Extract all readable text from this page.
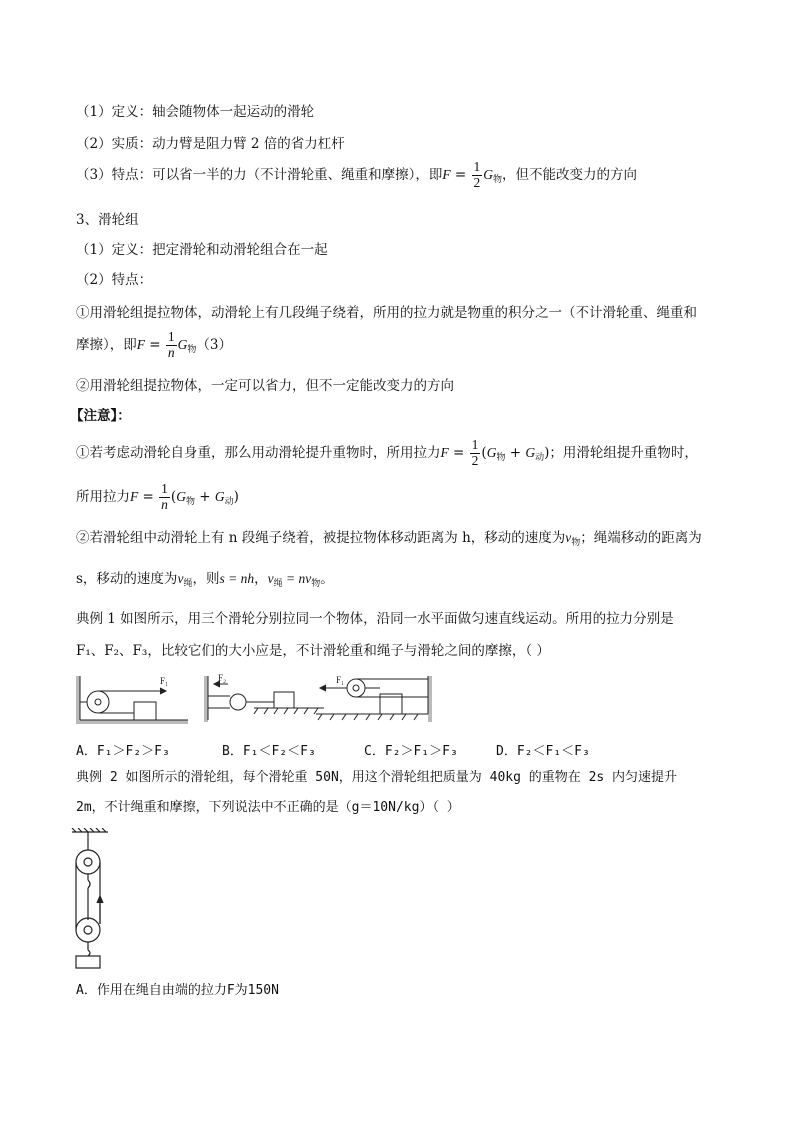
（1）定义：轴会随物体一起运动的滑轮
（2）实质：动力臂是阻力臂 2 倍的省力杠杆
（3）特点：可以省一半的力（不计滑轮重、绳重和摩擦），即$F = \frac{1}{2} G_物$，但不能改变力的方向
3、滑轮组
（1）定义：把定滑轮和动滑轮组合在一起
（2）特点：
①用滑轮组提拉物体，动滑轮上有几段绳子绕着，所用的拉力就是物重的积分之一（不计滑轮重、绳重和
摩擦），即$F = \frac{1}{n} G_物(3)$
②用滑轮组提拉物体，一定可以省力，但不一定能改变力的方向
【注意】：
①若考虑动滑轮自身重，那么用动滑轮提升重物时，所用拉力$F = \frac{1}{2} (G_物 + G_动)$；用滑轮组提升重物时，
所用拉力$F = \frac{1}{n} (G_物 + G_动)$
②若滑轮组中动滑轮上有 n 段绳子绕着，被提拉物体移动距离为 h，移动的速度为$v_物$；绳端移动的距离为
s，移动的速度为$v_绳$，则s = nh，$v_绳 = nv_物$。
典例 1 如图所示，用三个滑轮分别拉同一个物体，沿同一水平面做匀速直线运动。所用的拉力分别是
F₁、F₂、F₃，比较它们的大小应是，不计滑轮重和绳子与滑轮之间的摩擦，（ ）
F₁	F₂	F₁
A．F₁＞F₂＞F₃	B．F₁＜F₂＜F₃	C．F₂＞F₁＞F₃	D．F₂＜F₁＜F₃
典例 2 如图所示的滑轮组，每个滑轮重 50N，用这个滑轮组把质量为 40kg 的重物在 2s 内匀速提升
2m，不计绳重和摩擦，下列说法中不正确的是（g＝10N/kg）（ ）
A．作用在绳自由端的拉力F为150N
